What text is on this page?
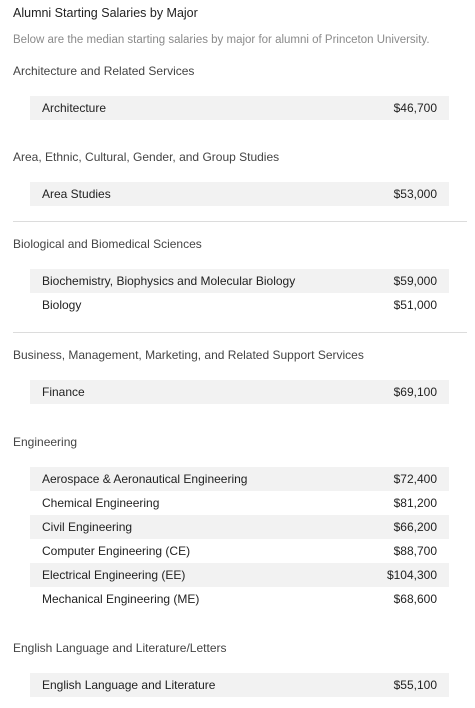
Alumni Starting Salaries by Major
Below are the median starting salaries by major for alumni of Princeton University.
Architecture and Related Services
Architecture	$46,700
Area, Ethnic, Cultural, Gender, and Group Studies
Area Studies	$53,000
Biological and Biomedical Sciences
Biochemistry, Biophysics and Molecular Biology	$59,000
Biology	$51,000
Business, Management, Marketing, and Related Support Services
Finance	$69,100
Engineering
Aerospace & Aeronautical Engineering	$72,400
Chemical Engineering	$81,200
Civil Engineering	$66,200
Computer Engineering (CE)	$88,700
Electrical Engineering (EE)	$104,300
Mechanical Engineering (ME)	$68,600
English Language and Literature/Letters
English Language and Literature	$55,100
